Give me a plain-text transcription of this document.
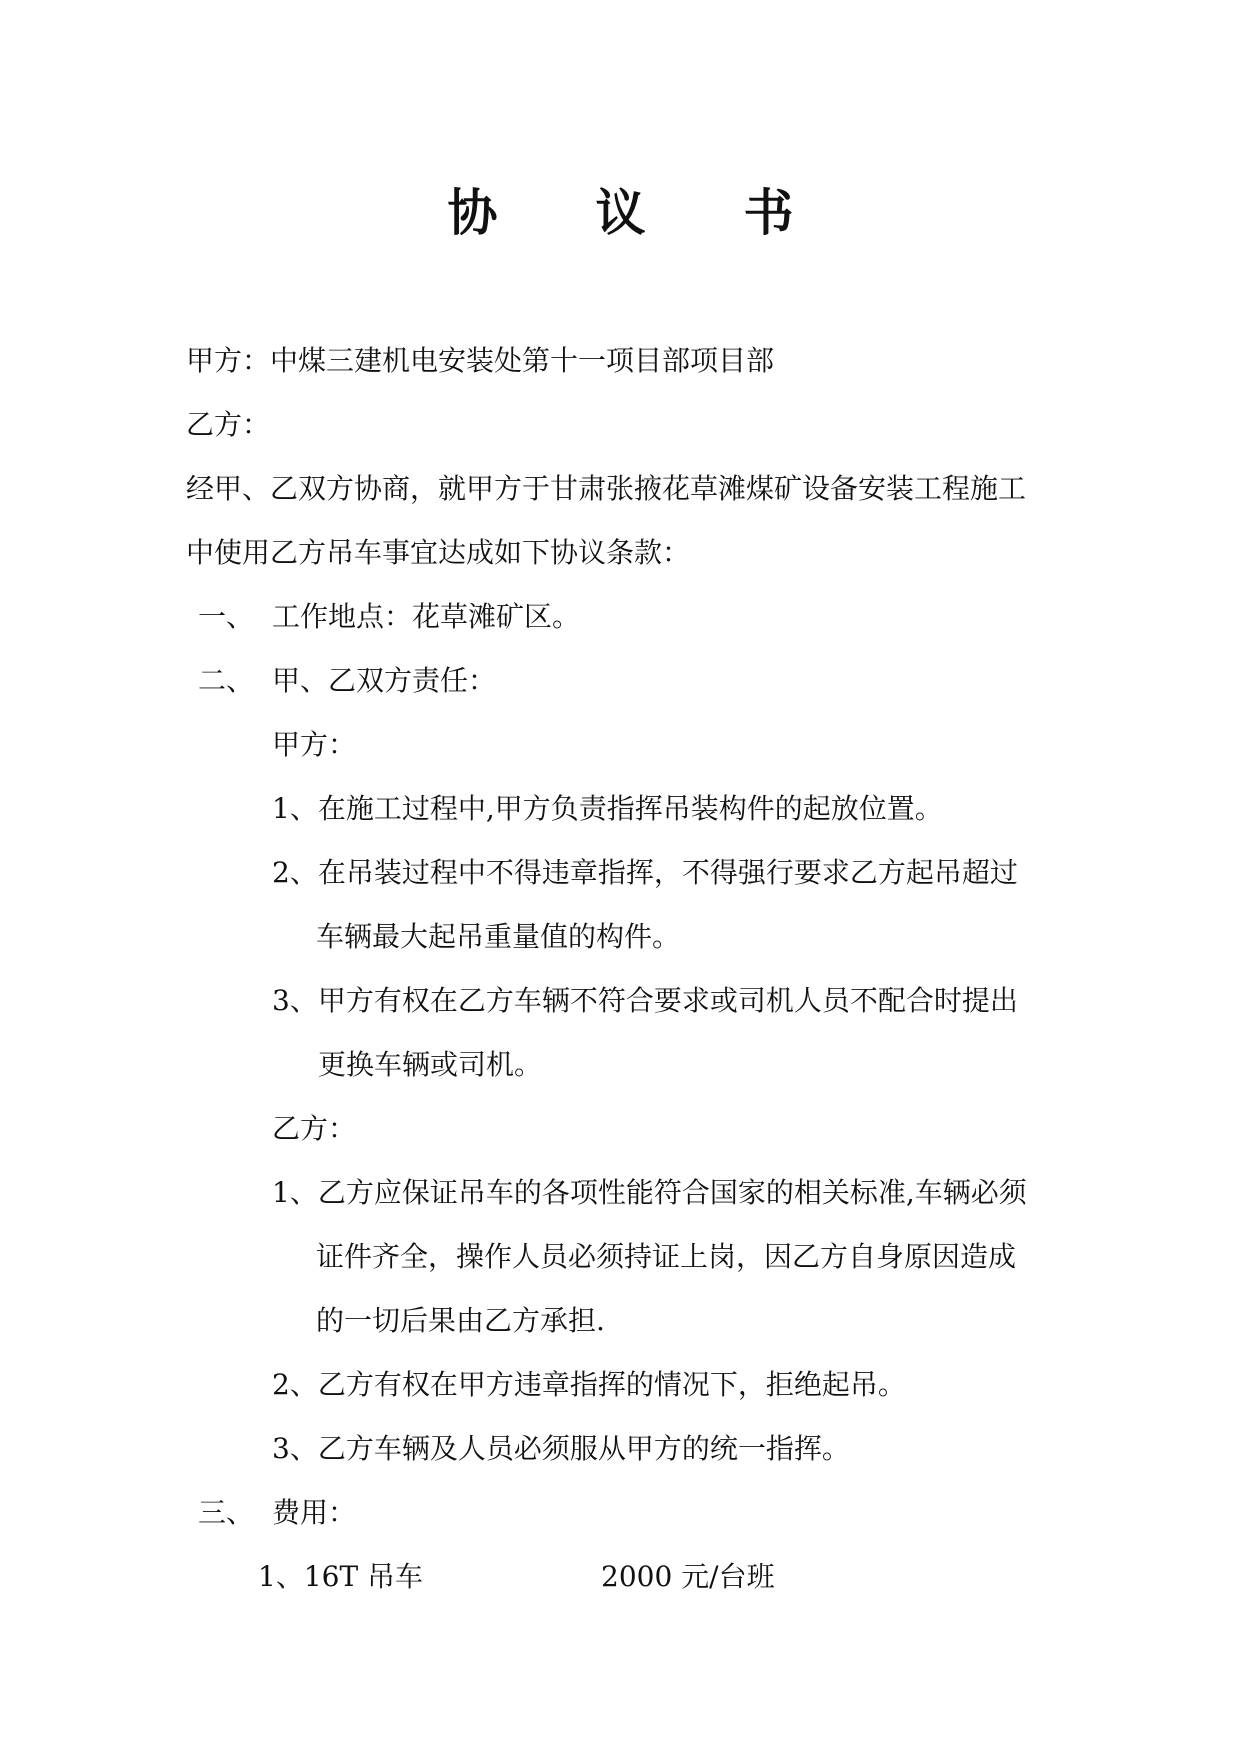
协 议 书
甲方：中煤三建机电安装处第十一项目部项目部
乙方：
经甲、乙双方协商，就甲方于甘肃张掖花草滩煤矿设备安装工程施工
中使用乙方吊车事宜达成如下协议条款：
一、 工作地点：花草滩矿区。
二、 甲、乙双方责任：
甲方：
1、在施工过程中,甲方负责指挥吊装构件的起放位置。
2、在吊装过程中不得违章指挥，不得强行要求乙方起吊超过
车辆最大起吊重量值的构件。
3、甲方有权在乙方车辆不符合要求或司机人员不配合时提出
更换车辆或司机。
乙方：
1、乙方应保证吊车的各项性能符合国家的相关标准,车辆必须
证件齐全，操作人员必须持证上岗，因乙方自身原因造成
的一切后果由乙方承担.
2、乙方有权在甲方违章指挥的情况下，拒绝起吊。
3、乙方车辆及人员必须服从甲方的统一指挥。
三、 费用：
1、16T 吊车	2000 元/台班
